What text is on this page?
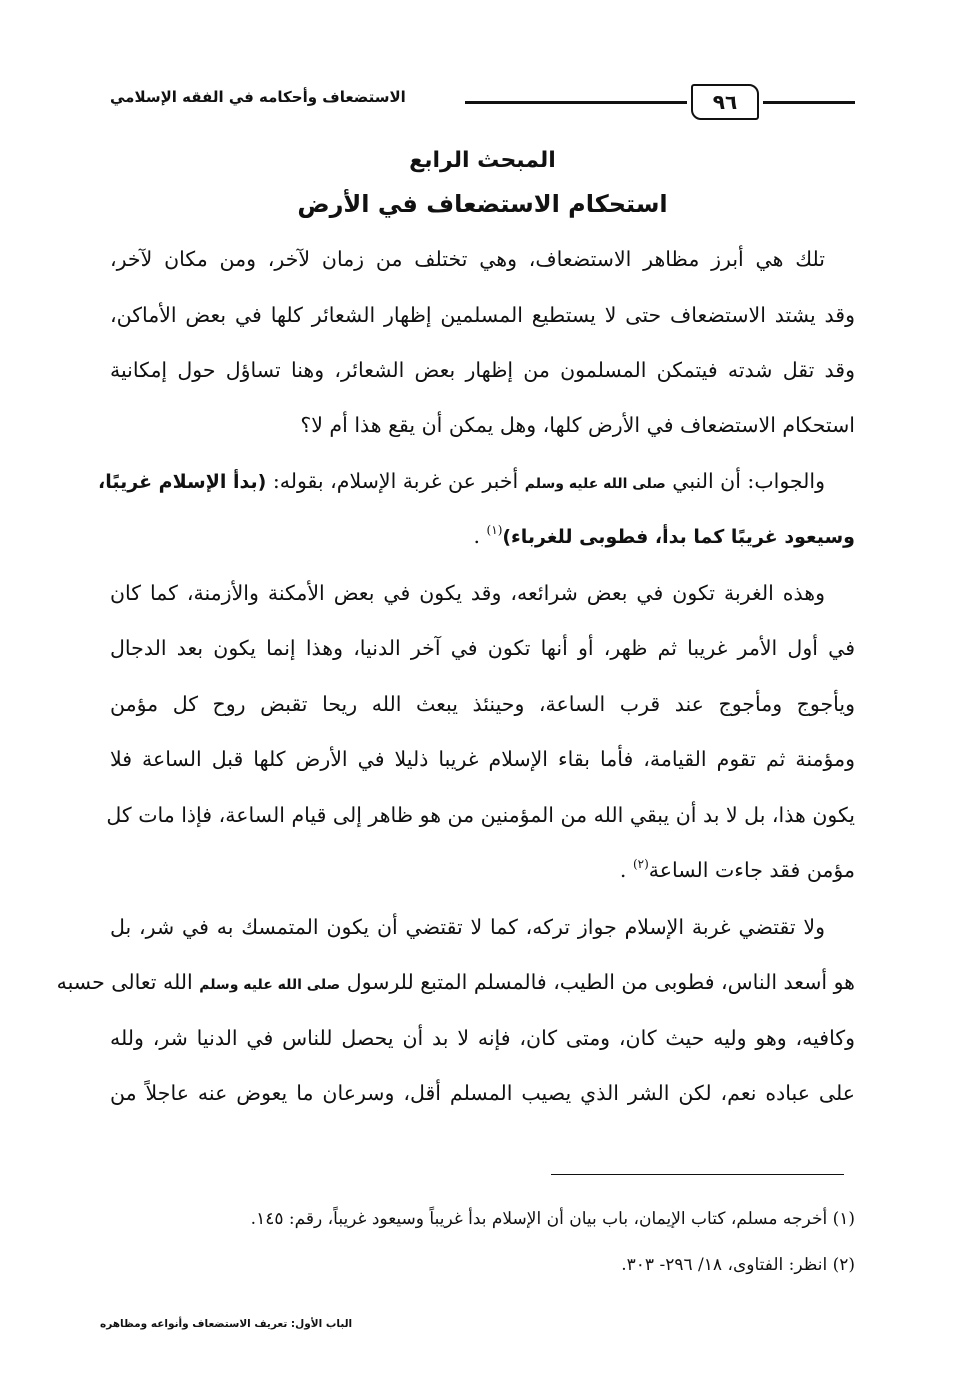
٩٦
الاستضعاف وأحكامه في الفقه الإسلامي
المبحث الرابع
استحكام الاستضعاف في الأرض
تلك هي أبرز مظاهر الاستضعاف، وهي تختلف من زمان لآخر، ومن مكان لآخر،
وقد يشتد الاستضعاف حتى لا يستطيع المسلمين إظهار الشعائر كلها في بعض الأماكن،
وقد تقل شدته فيتمكن المسلمون من إظهار بعض الشعائر، وهنا تساؤل حول إمكانية
استحكام الاستضعاف في الأرض كلها، وهل يمكن أن يقع هذا أم لا؟
والجواب: أن النبي صلى الله عليه وسلم أخبر عن غربة الإسلام، بقوله: (بدأ الإسلام غريبًا،
وسيعود غريبًا كما بدأ، فطوبى للغرباء)$^{(١)}$ .
وهذه الغربة تكون في بعض شرائعه، وقد يكون في بعض الأمكنة والأزمنة، كما كان
في أول الأمر غريبا ثم ظهر، أو أنها تكون في آخر الدنيا، وهذا إنما يكون بعد الدجال
ويأجوج ومأجوج عند قرب الساعة، وحينئذ يبعث الله ريحا تقبض روح كل مؤمن
ومؤمنة ثم تقوم القيامة، فأما بقاء الإسلام غريبا ذليلا في الأرض كلها قبل الساعة فلا
يكون هذا، بل لا بد أن يبقي الله من المؤمنين من هو ظاهر إلى قيام الساعة، فإذا مات كل
مؤمن فقد جاءت الساعة$^{(٢)}$ .
ولا تقتضي غربة الإسلام جواز تركه، كما لا تقتضي أن يكون المتمسك به في شر، بل
هو أسعد الناس، فطوبى من الطيب، فالمسلم المتبع للرسول صلى الله عليه وسلم الله تعالى حسبه
وكافيه، وهو وليه حيث كان، ومتى كان، فإنه لا بد أن يحصل للناس في الدنيا شر، ولله
على عباده نعم، لكن الشر الذي يصيب المسلم أقل، وسرعان ما يعوض عنه عاجلاً من
(١) أخرجه مسلم، كتاب الإيمان، باب بيان أن الإسلام بدأ غريباً وسيعود غريباً، رقم: ١٤٥.
(٢) انظر: الفتاوى، ١٨/ ٢٩٦- ٣٠٣.
الباب الأول: تعريف الاستضعاف وأنواعه ومظاهره
